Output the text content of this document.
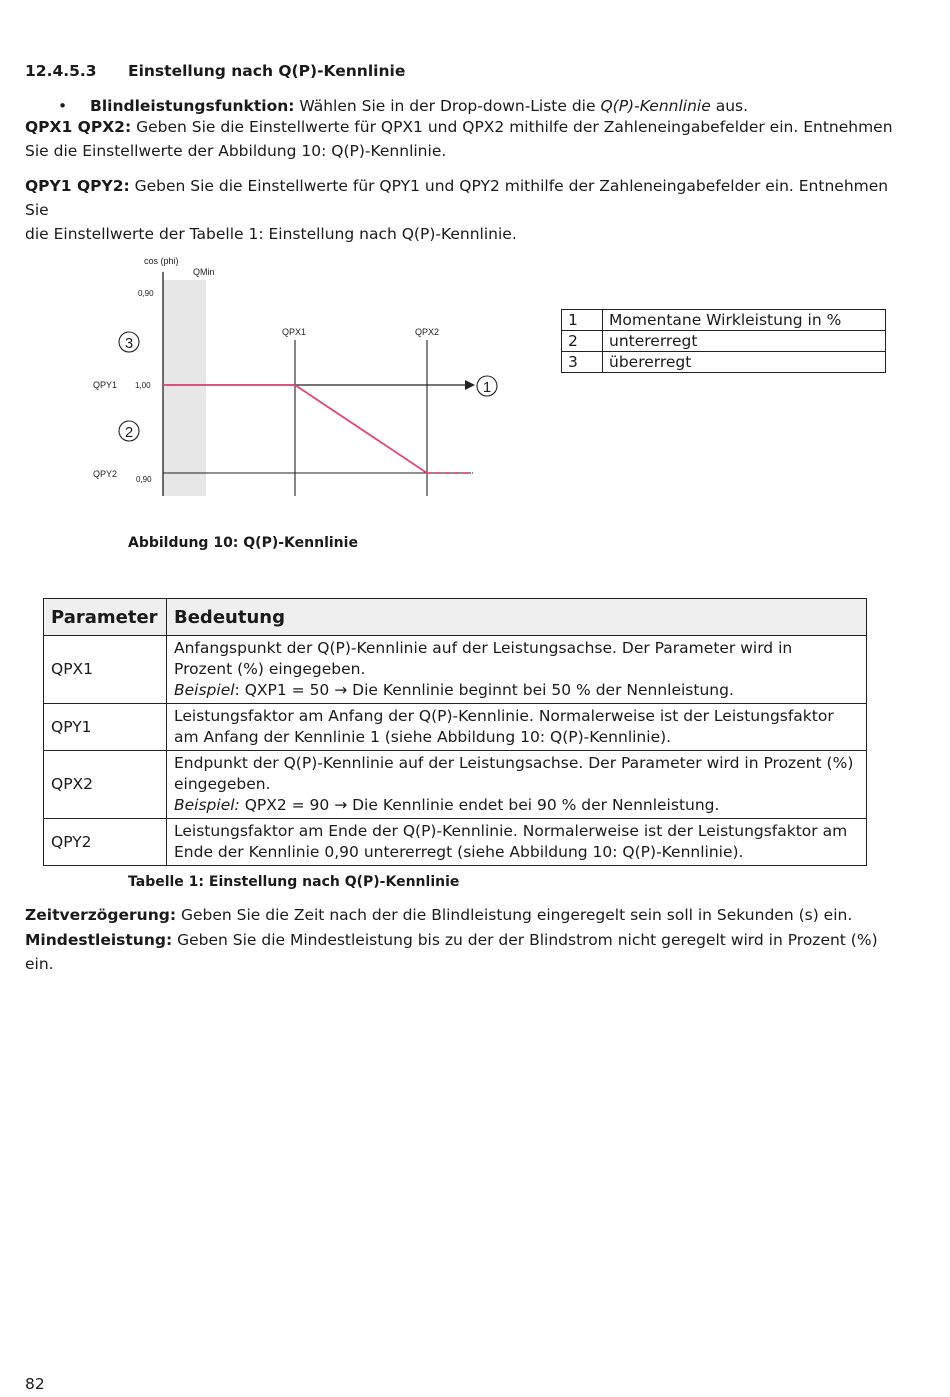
12.4.5.3 Einstellung nach Q(P)-Kennlinie
• Blindleistungsfunktion: Wählen Sie in der Drop-down-Liste die Q(P)-Kennlinie aus.
QPX1 QPX2: Geben Sie die Einstellwerte für QPX1 und QPX2 mithilfe der Zahleneingabefelder ein. Entnehmen
Sie die Einstellwerte der Abbildung 10: Q(P)-Kennlinie.
QPY1 QPY2: Geben Sie die Einstellwerte für QPY1 und QPY2 mithilfe der Zahleneingabefelder ein. Entnehmen Sie
die Einstellwerte der Tabelle 1: Einstellung nach Q(P)-Kennlinie.
cos (phi)
QMin
0,90
1,00
0,90
QPY1
QPY2
QPX1	QPX2
3
2
1
1	Momentane Wirkleistung in %
2	untererregt
3	übererregt
Abbildung 10: Q(P)-Kennlinie
Parameter	Bedeutung
QPX1	Anfangspunkt der Q(P)-Kennlinie auf der Leistungsachse. Der Parameter wird in
Prozent (%) eingegeben.
Beispiel: QXP1 = 50 → Die Kennlinie beginnt bei 50 % der Nennleistung.
QPY1	Leistungsfaktor am Anfang der Q(P)-Kennlinie. Normalerweise ist der Leistungsfaktor
am Anfang der Kennlinie 1 (siehe Abbildung 10: Q(P)-Kennlinie).
QPX2	Endpunkt der Q(P)-Kennlinie auf der Leistungsachse. Der Parameter wird in Prozent (%)
eingegeben.
Beispiel: QPX2 = 90 → Die Kennlinie endet bei 90 % der Nennleistung.
QPY2	Leistungsfaktor am Ende der Q(P)-Kennlinie. Normalerweise ist der Leistungsfaktor am
Ende der Kennlinie 0,90 untererregt (siehe Abbildung 10: Q(P)-Kennlinie).
Tabelle 1: Einstellung nach Q(P)-Kennlinie
Zeitverzögerung: Geben Sie die Zeit nach der die Blindleistung eingeregelt sein soll in Sekunden (s) ein.
Mindestleistung: Geben Sie die Mindestleistung bis zu der der Blindstrom nicht geregelt wird in Prozent (%) ein.
82
